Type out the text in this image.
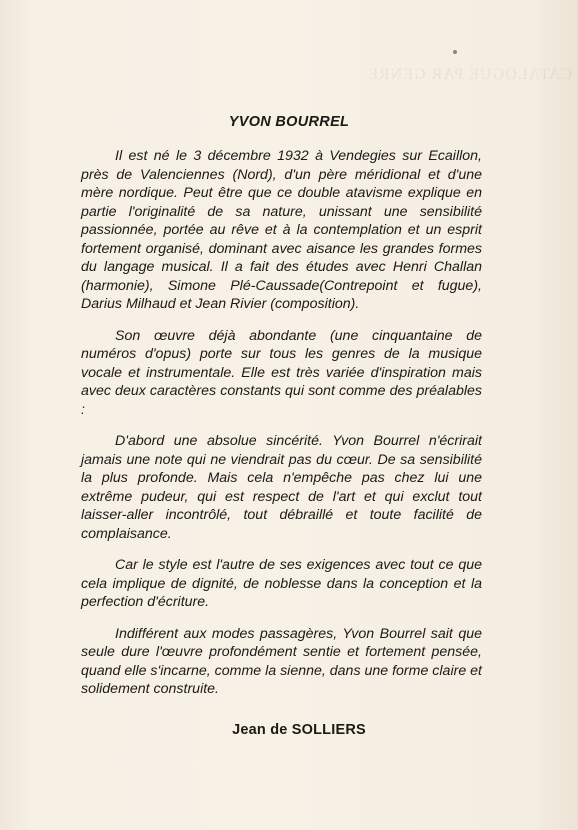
CATALOGUE PAR GENRE
YVON BOURREL

Il est né le 3 décembre 1932 à Vendegies sur Ecaillon, près de Valenciennes (Nord), d'un père méridional et d'une mère nordique. Peut être que ce double atavisme explique en partie l'originalité de sa nature, unissant une sensibilité passionnée, portée au rêve et à la contemplation et un esprit fortement organisé, dominant avec aisance les grandes formes du langage musical. Il a fait des études avec Henri Challan (harmonie), Simone Plé-Caussade(Contrepoint et fugue), Darius Milhaud et Jean Rivier (composition).

Son œuvre déjà abondante (une cinquantaine de numéros d'opus) porte sur tous les genres de la musique vocale et instrumentale. Elle est très variée d'inspiration mais avec deux caractères constants qui sont comme des préalables :

D'abord une absolue sincérité. Yvon Bourrel n'écrirait jamais une note qui ne viendrait pas du cœur. De sa sensibilité la plus profonde. Mais cela n'empêche pas chez lui une extrême pudeur, qui est respect de l'art et qui exclut tout laisser-aller incontrôlé, tout débraillé et toute facilité de complaisance.

Car le style est l'autre de ses exigences avec tout ce que cela implique de dignité, de noblesse dans la conception et la perfection d'écriture.

Indifférent aux modes passagères, Yvon Bourrel sait que seule dure l'œuvre profondément sentie et fortement pensée, quand elle s'incarne, comme la sienne, dans une forme claire et solidement construite.

Jean de SOLLIERS
